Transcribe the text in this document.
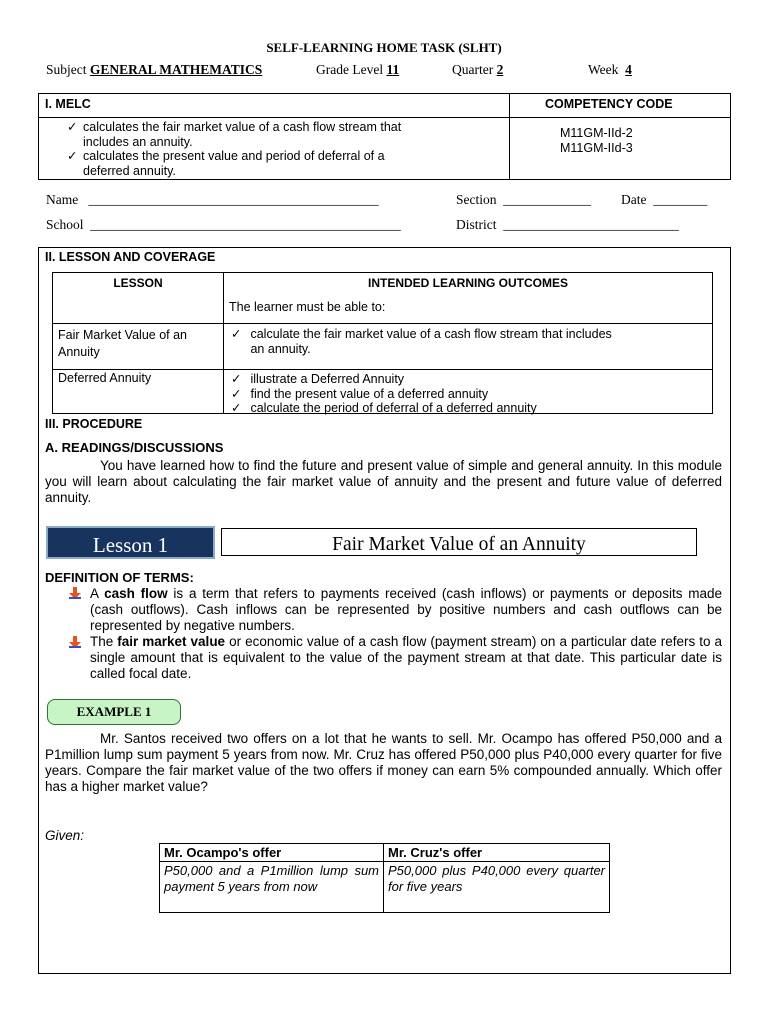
SELF-LEARNING HOME TASK (SLHT)
Subject GENERAL MATHEMATICS	Grade Level 11	Quarter 2	Week 4
I. MELC	COMPETENCY CODE
✓ calculates the fair market value of a cash flow stream that
includes an annuity.
✓ calculates the present value and period of deferral of a
deferred annuity.
M11GM-IId-2
M11GM-IId-3
Name ___________________________________________	Section _____________ Date ________
School ______________________________________________	District __________________________
II. LESSON AND COVERAGE
LESSON	INTENDED LEARNING OUTCOMES
The learner must be able to:
Fair Market Value of an
Annuity
✓ calculate the fair market value of a cash flow stream that includes
an annuity.
Deferred Annuity	✓ illustrate a Deferred Annuity
✓ find the present value of a deferred annuity
✓ calculate the period of deferral of a deferred annuity
III. PROCEDURE
A. READINGS/DISCUSSIONS
You have learned how to find the future and present value of simple and general annuity. In this module you will learn about calculating the fair market value of annuity and the present and future value of deferred annuity.
Lesson 1	Fair Market Value of an Annuity
DEFINITION OF TERMS:
A cash flow is a term that refers to payments received (cash inflows) or payments or deposits made (cash outflows). Cash inflows can be represented by positive numbers and cash outflows can be represented by negative numbers.
The fair market value or economic value of a cash flow (payment stream) on a particular date refers to a single amount that is equivalent to the value of the payment stream at that date. This particular date is called focal date.
EXAMPLE 1
Mr. Santos received two offers on a lot that he wants to sell. Mr. Ocampo has offered P50,000 and a P1million lump sum payment 5 years from now. Mr. Cruz has offered P50,000 plus P40,000 every quarter for five years. Compare the fair market value of the two offers if money can earn 5% compounded annually. Which offer has a higher market value?
Given:
Mr. Ocampo's offer	Mr. Cruz's offer
P50,000 and a P1million lump sum payment 5 years from now	P50,000 plus P40,000 every quarter for five years
